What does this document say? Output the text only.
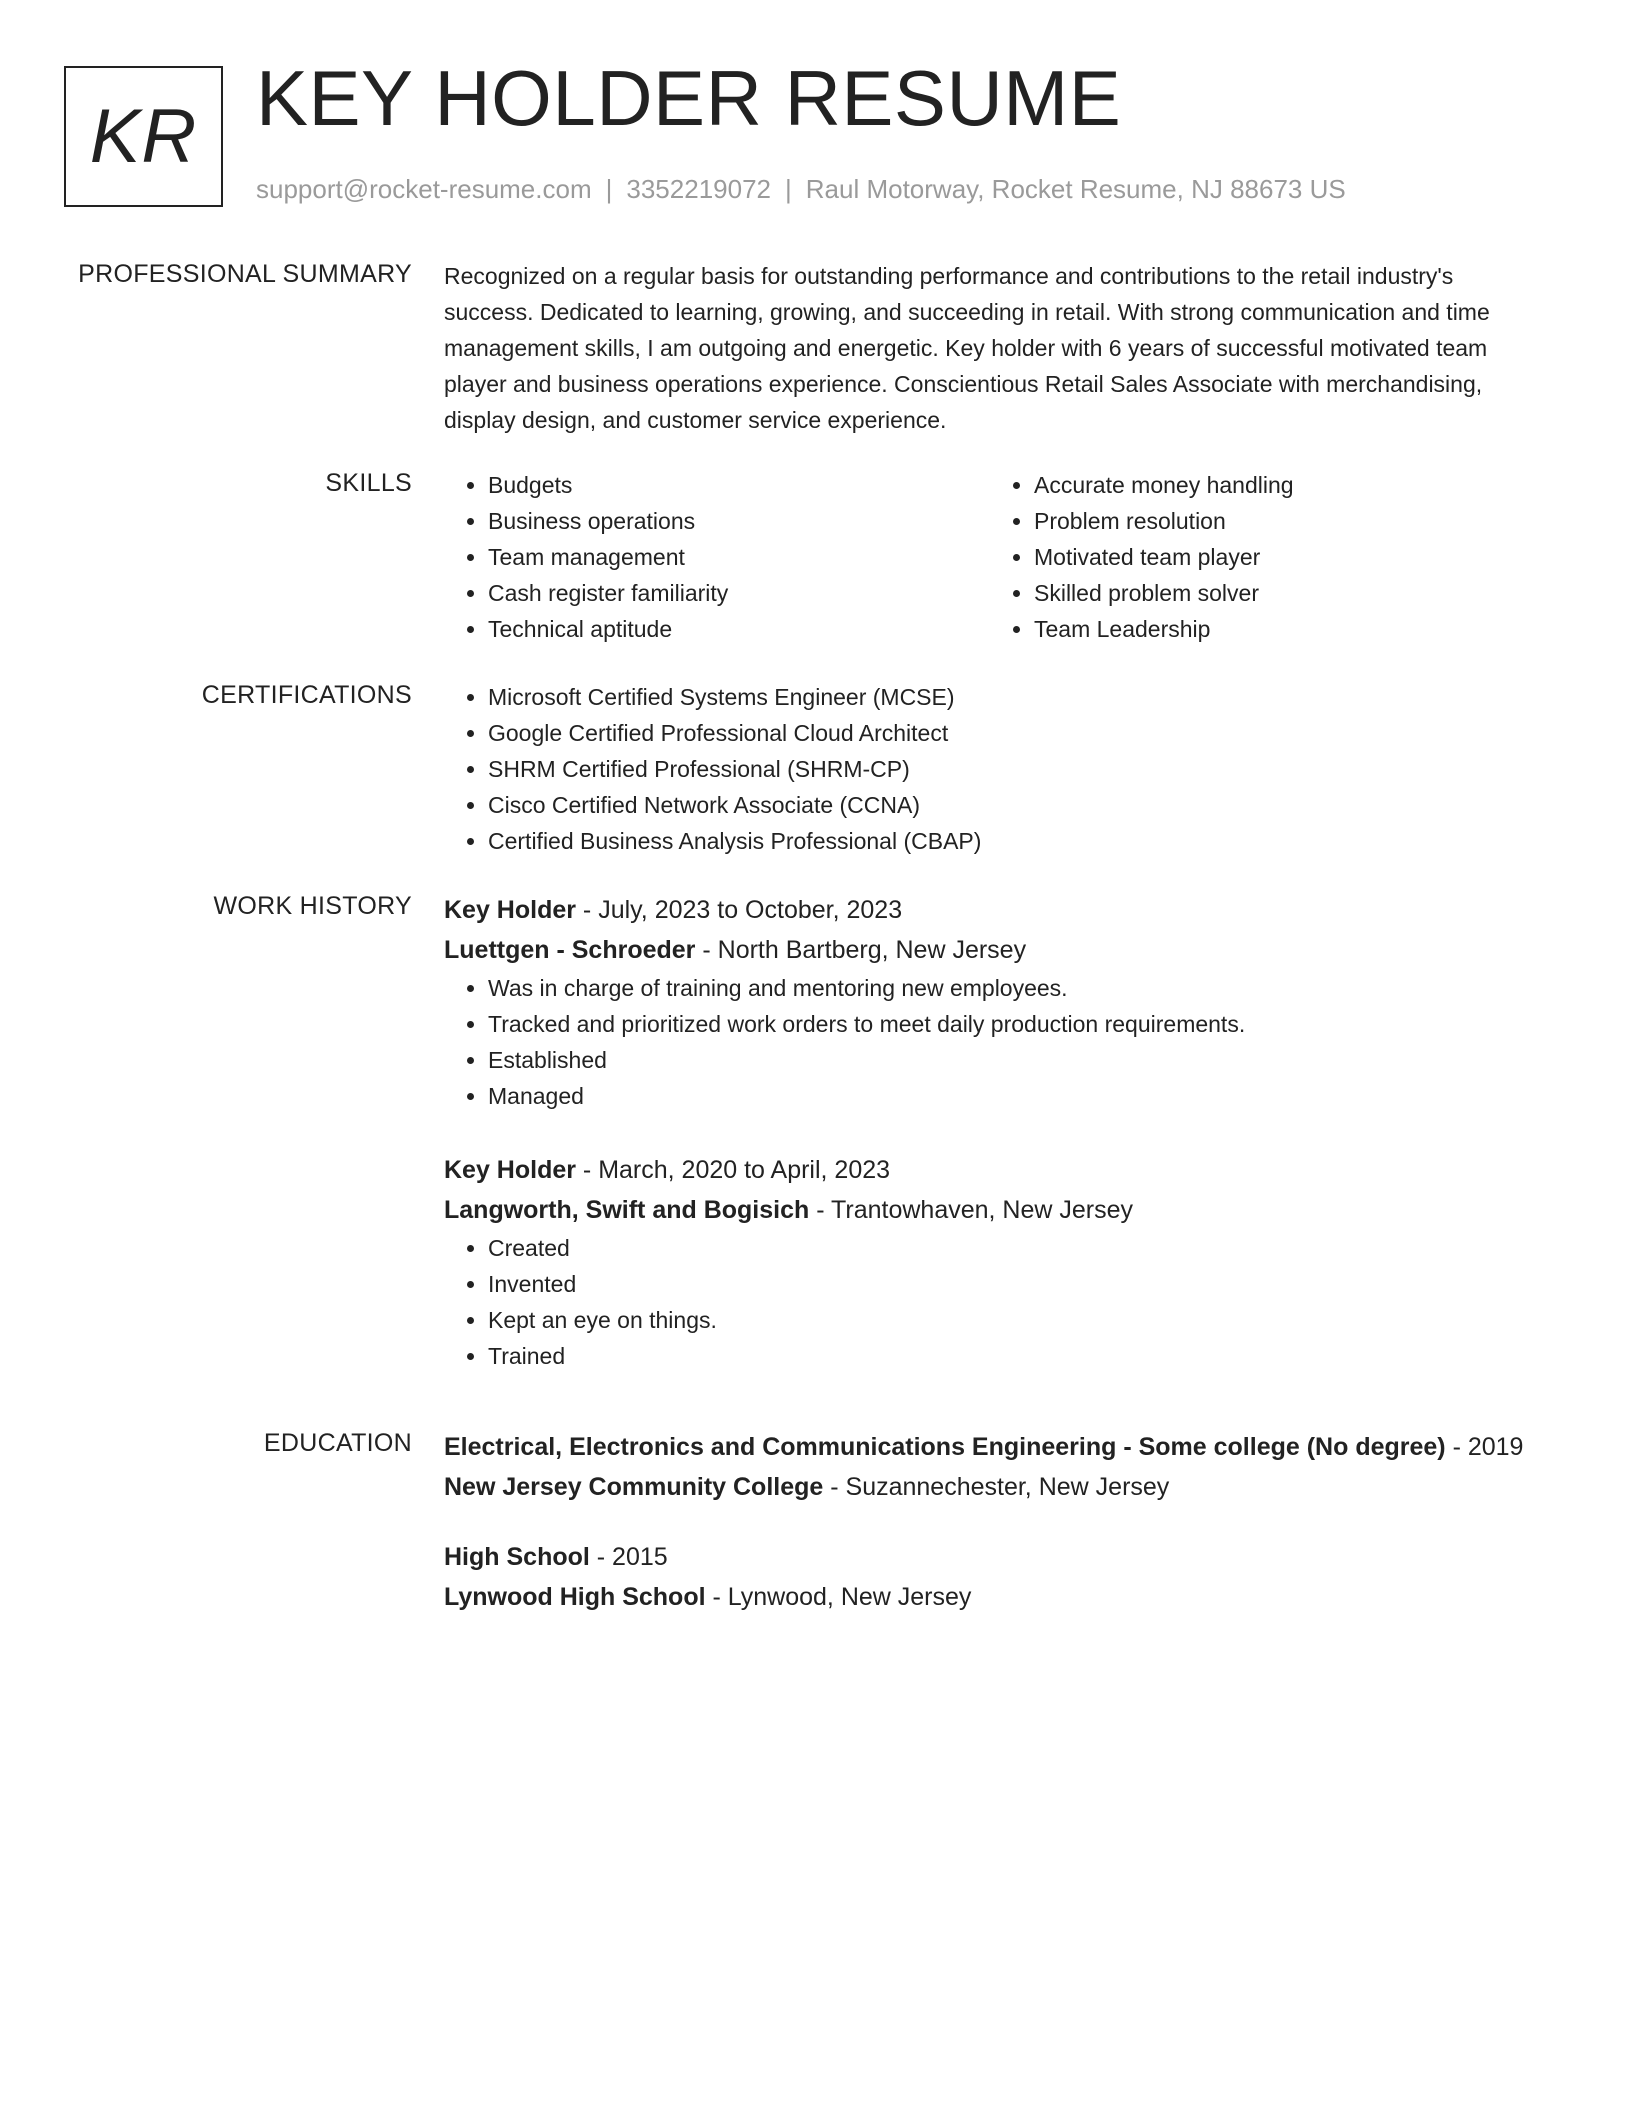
KR KEY HOLDER RESUME
support@rocket-resume.com | 3352219072 | Raul Motorway, Rocket Resume, NJ 88673 US
PROFESSIONAL SUMMARY Recognized on a regular basis for outstanding performance and contributions to the retail industry's success. Dedicated to learning, growing, and succeeding in retail. With strong communication and time management skills, I am outgoing and energetic. Key holder with 6 years of successful motivated team player and business operations experience. Conscientious Retail Sales Associate with merchandising, display design, and customer service experience.

SKILLS	• Budgets
• Business operations
• Team management
• Cash register familiarity
• Technical aptitude
• Accurate money handling
• Problem resolution
• Motivated team player
• Skilled problem solver
• Team Leadership
CERTIFICATIONS	• Microsoft Certified Systems Engineer (MCSE)
• Google Certified Professional Cloud Architect
• SHRM Certified Professional (SHRM-CP)
• Cisco Certified Network Associate (CCNA)
• Certified Business Analysis Professional (CBAP)
WORK HISTORY Key Holder - July, 2023 to October, 2023
Luettgen - Schroeder - North Bartberg, New Jersey
• Was in charge of training and mentoring new employees.
• Tracked and prioritized work orders to meet daily production requirements.
• Established
• Managed
Key Holder - March, 2020 to April, 2023
Langworth, Swift and Bogisich - Trantowhaven, New Jersey
• Created
• Invented
• Kept an eye on things.
• Trained
EDUCATION Electrical, Electronics and Communications Engineering - Some college (No degree) - 2019
New Jersey Community College - Suzannechester, New Jersey
High School - 2015
Lynwood High School - Lynwood, New Jersey
